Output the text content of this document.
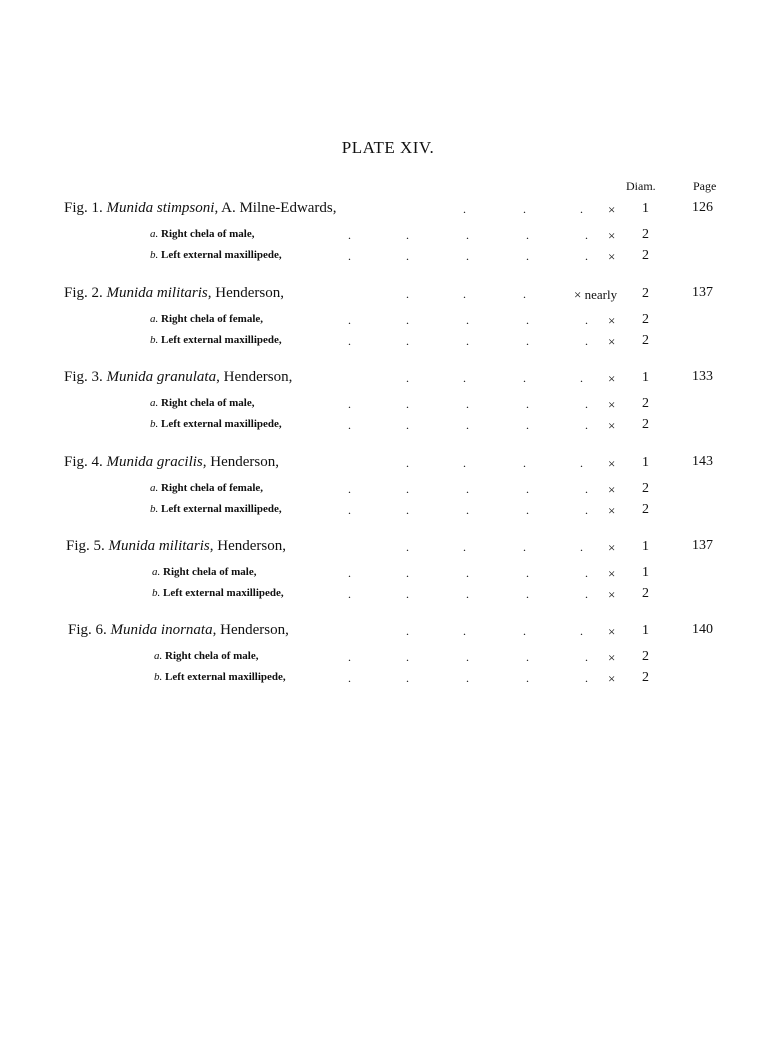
PLATE XIV.
Diam.	Page
Fig. 1. Munida stimpsoni, A. Milne-Edwards,	.	.	. × 1	126
a. Right chela of male,	.	.	.	.	. × 2
b. Left external maxillipede,	.	.	.	.	. × 2
Fig. 2. Munida militaris, Henderson,	.	.	.	× nearly 2	137
a. Right chela of female,	.	.	.	.	. × 2
b. Left external maxillipede,	.	.	.	.	. × 2
Fig. 3. Munida granulata, Henderson,	.	.	.	. × 1	133
a. Right chela of male,	.	.	.	.	. × 2
b. Left external maxillipede,	.	.	.	.	. × 2
Fig. 4. Munida gracilis, Henderson,	.	.	.	. × 1	143
a. Right chela of female,	.	.	.	.	. × 2
b. Left external maxillipede,	.	.	.	.	. × 2
Fig. 5. Munida militaris, Henderson,	.	.	.	. × 1	137
a. Right chela of male,	.	.	.	.	. × 1
b. Left external maxillipede,	.	.	.	.	. × 2
Fig. 6. Munida inornata, Henderson,	.	.	.	. × 1	140
a. Right chela of male,	.	.	.	.	. × 2
b. Left external maxillipede,	.	.	.	.	. × 2
